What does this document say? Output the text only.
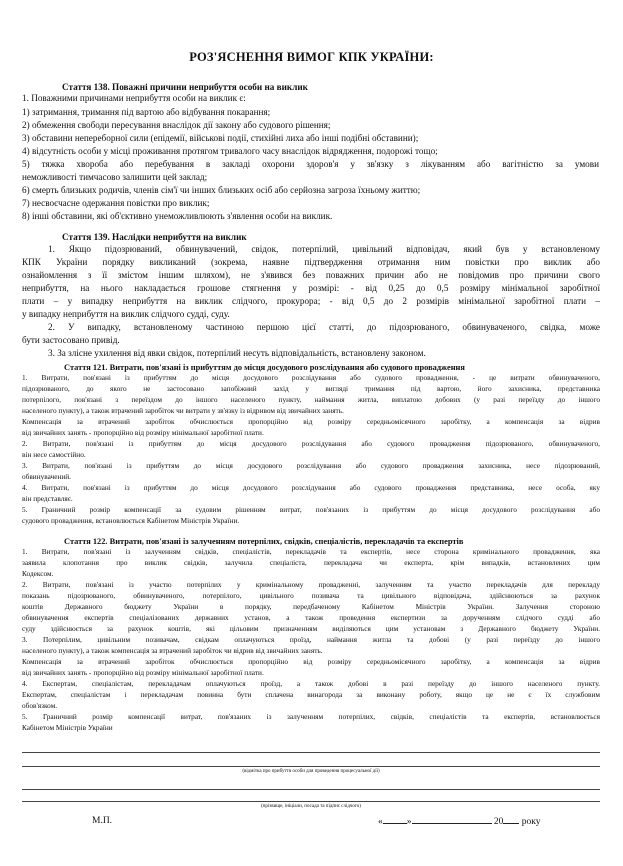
РОЗ'ЯСНЕННЯ ВИМОГ КПК УКРАЇНИ:
Стаття 138. Поважні причини неприбуття особи на виклик
1. Поважними причинами неприбуття особи на виклик є:
1) затримання, тримання під вартою або відбування покарання;
2) обмеження свободи пересування внаслідок дії закону або судового рішення;
3) обставини непереборної сили (епідемії, військові події, стихійні лиха або інші подібні обставини);
4) відсутність особи у місці проживання протягом тривалого часу внаслідок відрядження, подорожі тощо;
5) тяжка хвороба або перебування в закладі охорони здоров'я у зв'язку з лікуванням або вагітністю за умови
неможливості тимчасово залишити цей заклад;
6) смерть близьких родичів, членів сім'ї чи інших близьких осіб або серйозна загроза їхньому життю;
7) несвоєчасне одержання повістки про виклик;
8) інші обставини, які об'єктивно унеможливлюють з'явлення особи на виклик.
Стаття 139. Наслідки неприбуття на виклик
1. Якщо підозрюваний, обвинувачений, свідок, потерпілий, цивільний відповідач, який був у встановленому
КПК України порядку викликаний (зокрема, наявне підтвердження отримання ним повістки про виклик або
ознайомлення з її змістом іншим шляхом), не з'явився без поважних причин або не повідомив про причини свого
неприбуття, на нього накладається грошове стягнення у розмірі: - від 0,25 до 0,5 розміру мінімальної заробітної
плати – у випадку неприбуття на виклик слідчого, прокурора; - від 0,5 до 2 розмірів мінімальної заробітної плати –
у випадку неприбуття на виклик слідчого судді, суду.
2. У випадку, встановленому частиною першою цієї статті, до підозрюваного, обвинуваченого, свідка, може
бути застосовано привід.
3. За злісне ухилення від явки свідок, потерпілий несуть відповідальність, встановлену законом.
Стаття 121. Витрати, пов'язані із прибуттям до місця досудового розслідування або судового провадження
1. Витрати, пов'язані із прибуттям до місця досудового розслідування або судового провадження, - це витрати обвинуваченого,
підозрюваного, до якого не застосовано запобіжний захід у вигляді тримання під вартою, його захисника, представника
потерпілого, пов'язані з переїздом до іншого населеного пункту, наймання житла, виплатою добових (у разі переїзду до іншого
населеного пункту), а також втрачений заробіток чи витрати у зв'язку із відривом від звичайних занять.
Компенсація за втрачений заробіток обчислюється пропорційно від розміру середньомісячного заробітку, а компенсація за відрив
від звичайних занять - пропорційно від розміру мінімальної заробітної плати.
2. Витрати, пов'язані із прибуттям до місця досудового розслідування або судового провадження підозрюваного, обвинуваченого,
він несе самостійно.
3. Витрати, пов'язані із прибуттям до місця досудового розслідування або судового провадження захисника, несе підозрюваний,
обвинувачений.
4. Витрати, пов'язані із прибуттям до місця досудового розслідування або судового провадження представника, несе особа, яку
він представляє.
5. Граничний розмір компенсації за судовим рішенням витрат, пов'язаних із прибуттям до місця досудового розслідування або
судового провадження, встановлюється Кабінетом Міністрів України.
Стаття 122. Витрати, пов'язані із залученням потерпілих, свідків, спеціалістів, перекладачів та експертів
1. Витрати, пов'язані із залученням свідків, спеціалістів, перекладачів та експертів, несе сторона кримінального провадження, яка
заявила клопотання про виклик свідків, залучила спеціаліста, перекладача чи експерта, крім випадків, встановлених цим
Кодексом.
2. Витрати, пов'язані із участю потерпілих у кримінальному провадженні, залученням та участю перекладачів для перекладу
показань підозрюваного, обвинуваченого, потерпілого, цивільного позивача та цивільного відповідача, здійснюються за рахунок
коштів Державного бюджету України в порядку, передбаченому Кабінетом Міністрів України. Залучення стороною
обвинувачення експертів спеціалізованих державних установ, а також проведення експертизи за дорученням слідчого судді або
суду здійснюється за рахунок коштів, які цільовим призначенням виділяються цим установам з Державного бюджету України.
3. Потерпілим, цивільним позивачам, свідкам оплачуються проїзд, наймання житла та добові (у разі переїзду до іншого
населеного пункту), а також компенсація за втрачений заробіток чи відрив від звичайних занять.
Компенсація за втрачений заробіток обчислюється пропорційно від розміру середньомісячного заробітку, а компенсація за відрив
від звичайних занять - пропорційно від розміру мінімальної заробітної плати.
4. Експертам, спеціалістам, перекладачам оплачуються проїзд, а також добові в разі переїзду до іншого населеного пункту.
Експертам, спеціалістам і перекладачам повинна бути сплачена винагорода за виконану роботу, якщо це не є їх службовим
обов'язком.
5. Граничний розмір компенсації витрат, пов'язаних із залученням потерпілих, свідків, спеціалістів та експертів, встановлюється
Кабінетом Міністрів України
(відмітка про прибуття особи для проведення процесуальної дії)
(прізвище, ініціали, посада та підпис слідчого)
М.П.	«	»	20 року
